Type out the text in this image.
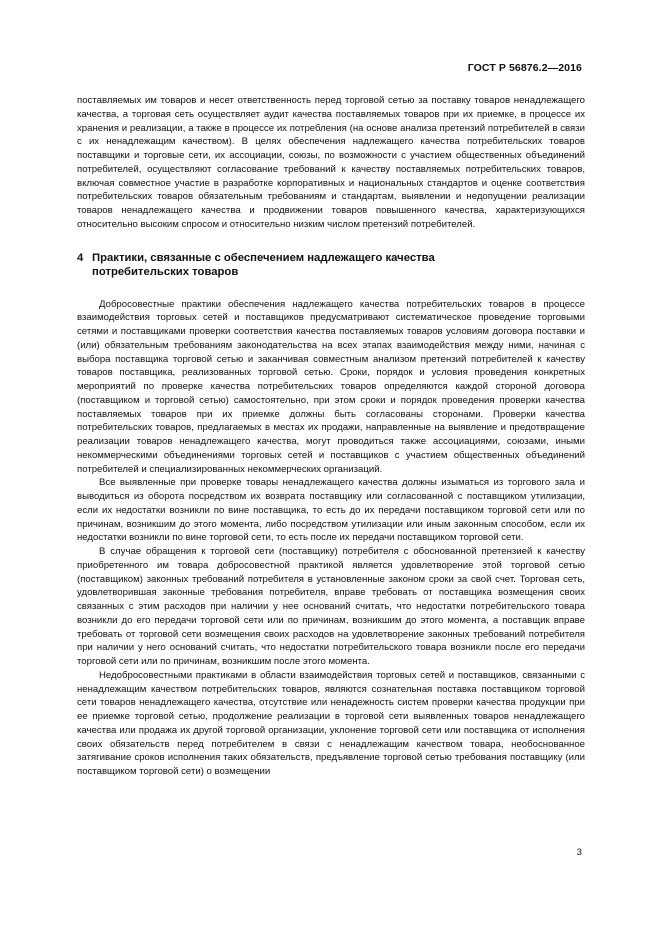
ГОСТ Р 56876.2—2016

поставляемых им товаров и несет ответственность перед торговой сетью за поставку товаров ненадлежащего качества, а торговая сеть осуществляет аудит качества поставляемых товаров при их приемке, в процессе их хранения и реализации, а также в процессе их потребления (на основе анализа претензий потребителей в связи с их ненадлежащим качеством). В целях обеспечения надлежащего качества потребительских товаров поставщики и торговые сети, их ассоциации, союзы, по возможности с участием общественных объединений потребителей, осуществляют согласование требований к качеству поставляемых потребительских товаров, включая совместное участие в разработке корпоративных и национальных стандартов и оценке соответствия потребительских товаров обязательным требованиям и стандартам, выявлении и недопущении реализации товаров ненадлежащего качества и продвижении товаров повышенного качества, характеризующихся относительно высоким спросом и относительно низким числом претензий потребителей.

4 Практики, связанные с обеспечением надлежащего качества
потребительских товаров

Добросовестные практики обеспечения надлежащего качества потребительских товаров в процессе взаимодействия торговых сетей и поставщиков предусматривают систематическое проведение торговыми сетями и поставщиками проверки соответствия качества поставляемых товаров условиям договора поставки и (или) обязательным требованиям законодательства на всех этапах взаимодействия между ними, начиная с выбора поставщика торговой сетью и заканчивая совместным анализом претензий потребителей к качеству товаров поставщика, реализованных торговой сетью. Сроки, порядок и условия проведения конкретных мероприятий по проверке качества потребительских товаров определяются каждой стороной договора (поставщиком и торговой сетью) самостоятельно, при этом сроки и порядок проведения проверки качества поставляемых товаров при их приемке должны быть согласованы сторонами. Проверки качества потребительских товаров, предлагаемых в местах их продажи, направленные на выявление и предотвращение реализации товаров ненадлежащего качества, могут проводиться также ассоциациями, союзами, иными некоммерческими объединениями торговых сетей и поставщиков с участием общественных объединений потребителей и специализированных некоммерческих организаций.

Все выявленные при проверке товары ненадлежащего качества должны изыматься из торгового зала и выводиться из оборота посредством их возврата поставщику или согласованной с поставщиком утилизации, если их недостатки возникли по вине поставщика, то есть до их передачи поставщиком торговой сети или по причинам, возникшим до этого момента, либо посредством утилизации или иным законным способом, если их недостатки возникли по вине торговой сети, то есть после их передачи поставщиком торговой сети.

В случае обращения к торговой сети (поставщику) потребителя с обоснованной претензией к качеству приобретенного им товара добросовестной практикой является удовлетворение этой торговой сетью (поставщиком) законных требований потребителя в установленные законом сроки за свой счет. Торговая сеть, удовлетворившая законные требования потребителя, вправе требовать от поставщика возмещения своих связанных с этим расходов при наличии у нее оснований считать, что недостатки потребительского товара возникли до его передачи торговой сети или по причинам, возникшим до этого момента, а поставщик вправе требовать от торговой сети возмещения своих расходов на удовлетворение законных требований потребителя при наличии у него оснований считать, что недостатки потребительского товара возникли после его передачи торговой сети или по причинам, возникшим после этого момента.

Недобросовестными практиками в области взаимодействия торговых сетей и поставщиков, связанными с ненадлежащим качеством потребительских товаров, являются сознательная поставка поставщиком торговой сети товаров ненадлежащего качества, отсутствие или ненадежность систем проверки качества продукции при ее приемке торговой сетью, продолжение реализации в торговой сети выявленных товаров ненадлежащего качества или продажа их другой торговой организации, уклонение торговой сети или поставщика от исполнения своих обязательств перед потребителем в связи с ненадлежащим качеством товара, необоснованное затягивание сроков исполнения таких обязательств, предъявление торговой сетью требования поставщику (или поставщиком торговой сети) о возмещении

3
